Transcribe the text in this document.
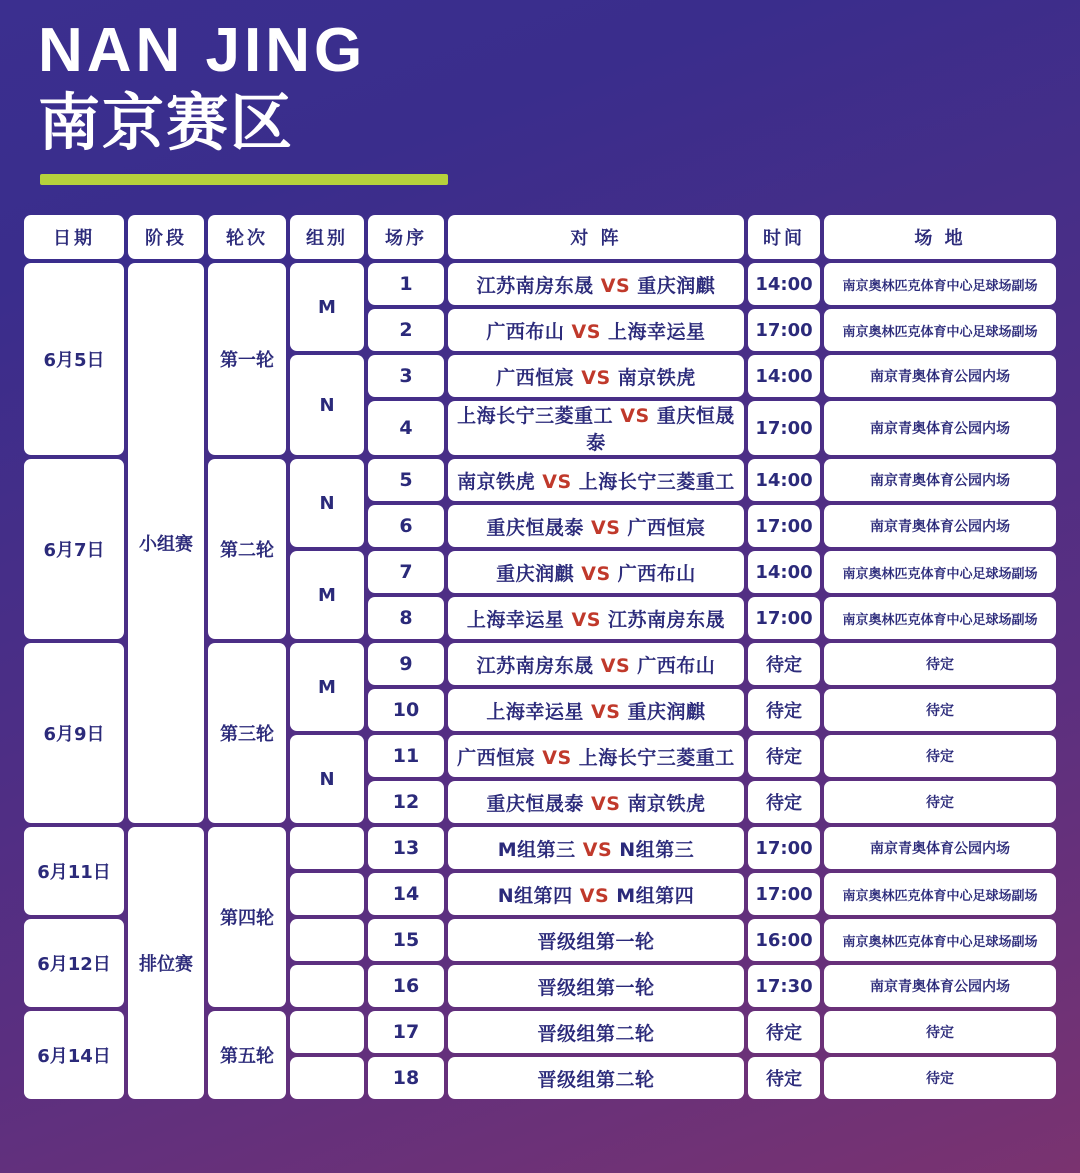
NAN JING
南京赛区
日期	阶段	轮次	组别	场序	对 阵	时间	场 地
6月5日	小组赛	第一轮	M	1	江苏南房东晟 VS 重庆润麒	14:00	南京奥林匹克体育中心足球场副场
				2	广西布山 VS 上海幸运星	17:00	南京奥林匹克体育中心足球场副场
			N	3	广西恒宸 VS 南京铁虎	14:00	南京青奥体育公园内场
				4	上海长宁三菱重工 VS 重庆恒晟泰	17:00	南京青奥体育公园内场
6月7日		第二轮	N	5	南京铁虎 VS 上海长宁三菱重工	14:00	南京青奥体育公园内场
				6	重庆恒晟泰 VS 广西恒宸	17:00	南京青奥体育公园内场
			M	7	重庆润麒 VS 广西布山	14:00	南京奥林匹克体育中心足球场副场
				8	上海幸运星 VS 江苏南房东晟	17:00	南京奥林匹克体育中心足球场副场
6月9日		第三轮	M	9	江苏南房东晟 VS 广西布山	待定	待定
				10	上海幸运星 VS 重庆润麒	待定	待定
			N	11	广西恒宸 VS 上海长宁三菱重工	待定	待定
				12	重庆恒晟泰 VS 南京铁虎	待定	待定
6月11日	排位赛	第四轮		13	M组第三 VS N组第三	17:00	南京青奥体育公园内场
				14	N组第四 VS M组第四	17:00	南京奥林匹克体育中心足球场副场
6月12日				15	晋级组第一轮	16:00	南京奥林匹克体育中心足球场副场
				16	晋级组第一轮	17:30	南京青奥体育公园内场
6月14日		第五轮		17	晋级组第二轮	待定	待定
				18	晋级组第二轮	待定	待定
